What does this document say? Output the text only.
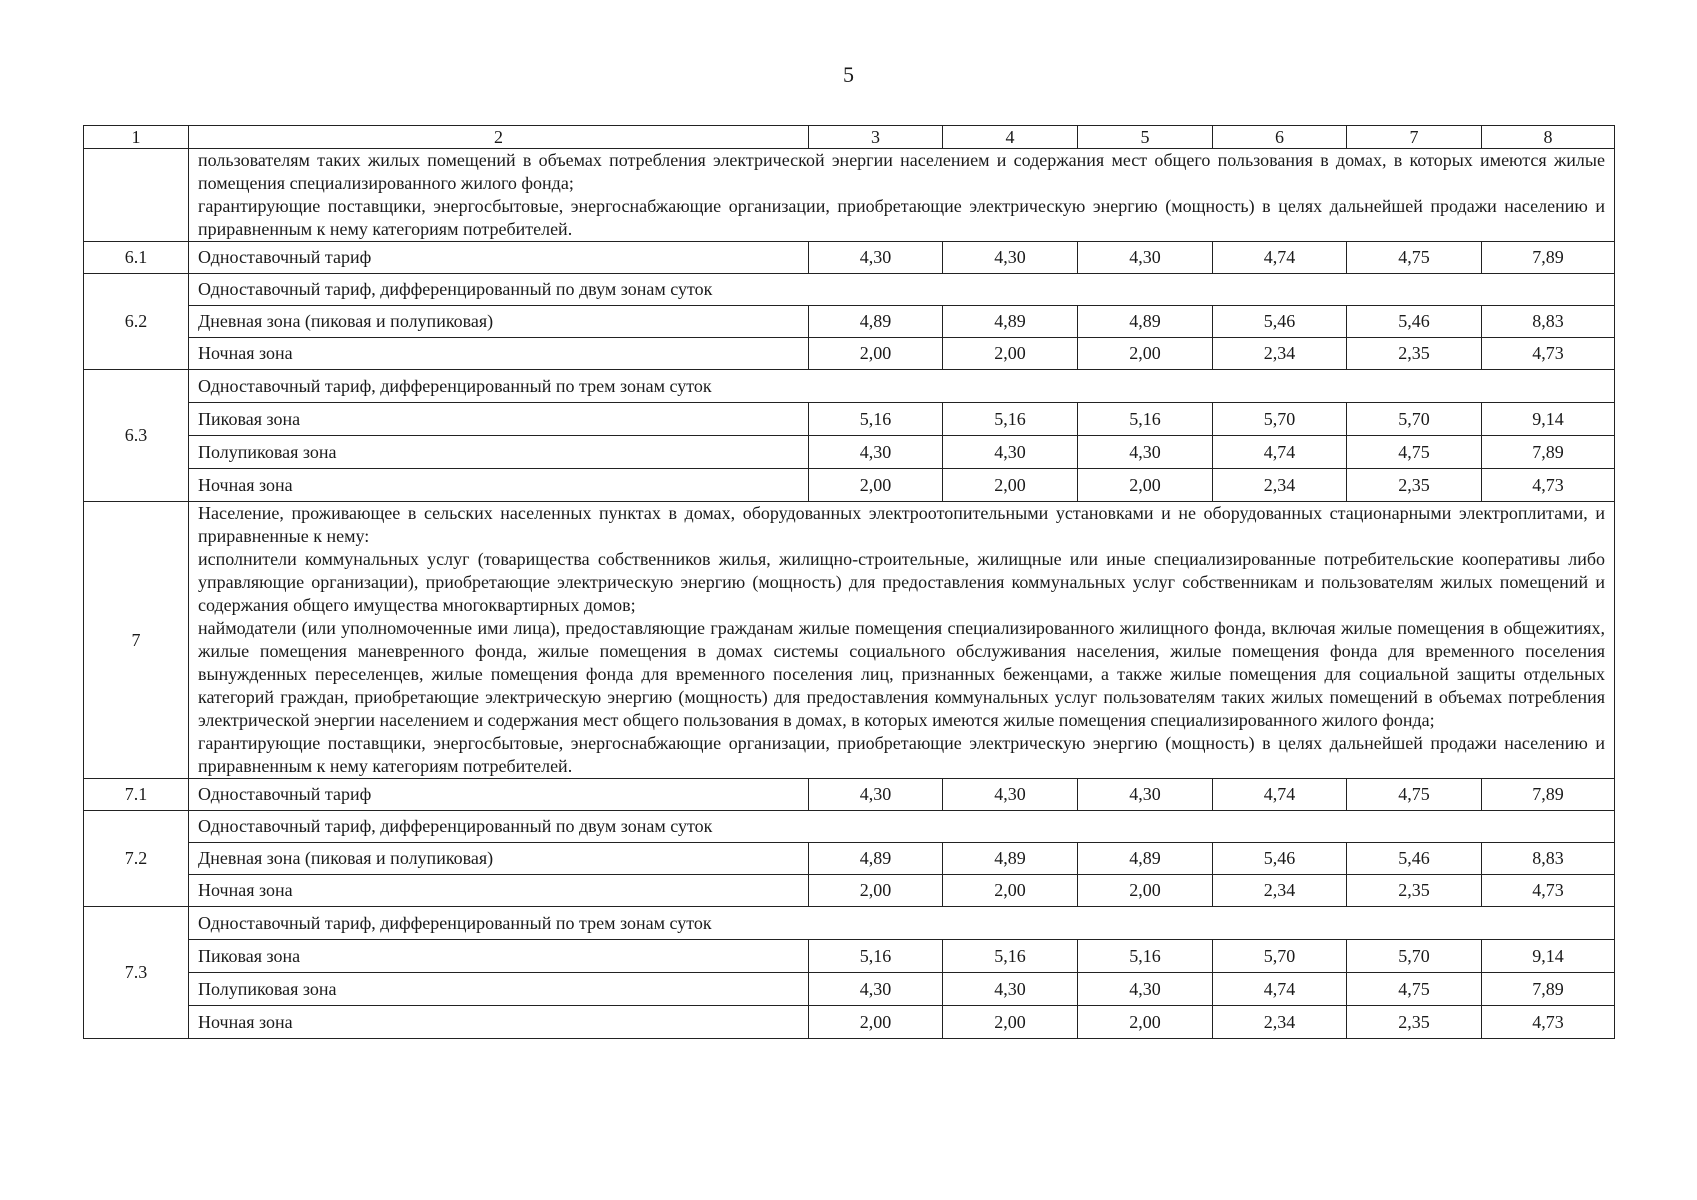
5
1	2	3	4	5	6	7	8

	пользователям таких жилых помещений в объемах потребления электрической энергии населением и содержания мест общего пользования в домах, в которых имеются жилые помещения специализированного жилого фонда;
гарантирующие поставщики, энергосбытовые, энергоснабжающие организации, приобретающие электрическую энергию (мощность) в целях дальнейшей продажи населению и приравненным к нему категориям потребителей.						

6.1	Одноставочный тариф	4,30	4,30	4,30	4,74	4,75	7,89
6.2	Одноставочный тариф, дифференцированный по двум зонам суток						
	Дневная зона (пиковая и полупиковая)	4,89	4,89	4,89	5,46	5,46	8,83
	Ночная зона	2,00	2,00	2,00	2,34	2,35	4,73
6.3	Одноставочный тариф, дифференцированный по трем зонам суток						
	Пиковая зона	5,16	5,16	5,16	5,70	5,70	9,14
	Полупиковая зона	4,30	4,30	4,30	4,74	4,75	7,89
	Ночная зона	2,00	2,00	2,00	2,34	2,35	4,73
7	Население, проживающее в сельских населенных пунктах в домах, оборудованных электроотопительными установками и не оборудованных стационарными электроплитами, и приравненные к нему:
исполнители коммунальных услуг (товарищества собственников жилья, жилищно-строительные, жилищные или иные специализированные потребительские кооперативы либо управляющие организации), приобретающие электрическую энергию (мощность) для предоставления коммунальных услуг собственникам и пользователям жилых помещений и содержания общего имущества многоквартирных домов;
наймодатели (или уполномоченные ими лица), предоставляющие гражданам жилые помещения специализированного жилищного фонда, включая жилые помещения в общежитиях, жилые помещения маневренного фонда, жилые помещения в домах системы социального обслуживания населения, жилые помещения фонда для временного поселения вынужденных переселенцев, жилые помещения фонда для временного поселения лиц, признанных беженцами, а также жилые помещения для социальной защиты отдельных категорий граждан, приобретающие электрическую энергию (мощность) для предоставления коммунальных услуг пользователям таких жилых помещений в объемах потребления электрической энергии населением и содержания мест общего пользования в домах, в которых имеются жилые помещения специализированного жилого фонда;
гарантирующие поставщики, энергосбытовые, энергоснабжающие организации, приобретающие электрическую энергию (мощность) в целях дальнейшей продажи населению и приравненным к нему категориям потребителей.						

7.1	Одноставочный тариф	4,30	4,30	4,30	4,74	4,75	7,89
7.2	Одноставочный тариф, дифференцированный по двум зонам суток						
	Дневная зона (пиковая и полупиковая)	4,89	4,89	4,89	5,46	5,46	8,83
	Ночная зона	2,00	2,00	2,00	2,34	2,35	4,73
7.3	Одноставочный тариф, дифференцированный по трем зонам суток						
	Пиковая зона	5,16	5,16	5,16	5,70	5,70	9,14
	Полупиковая зона	4,30	4,30	4,30	4,74	4,75	7,89
	Ночная зона	2,00	2,00	2,00	2,34	2,35	4,73
